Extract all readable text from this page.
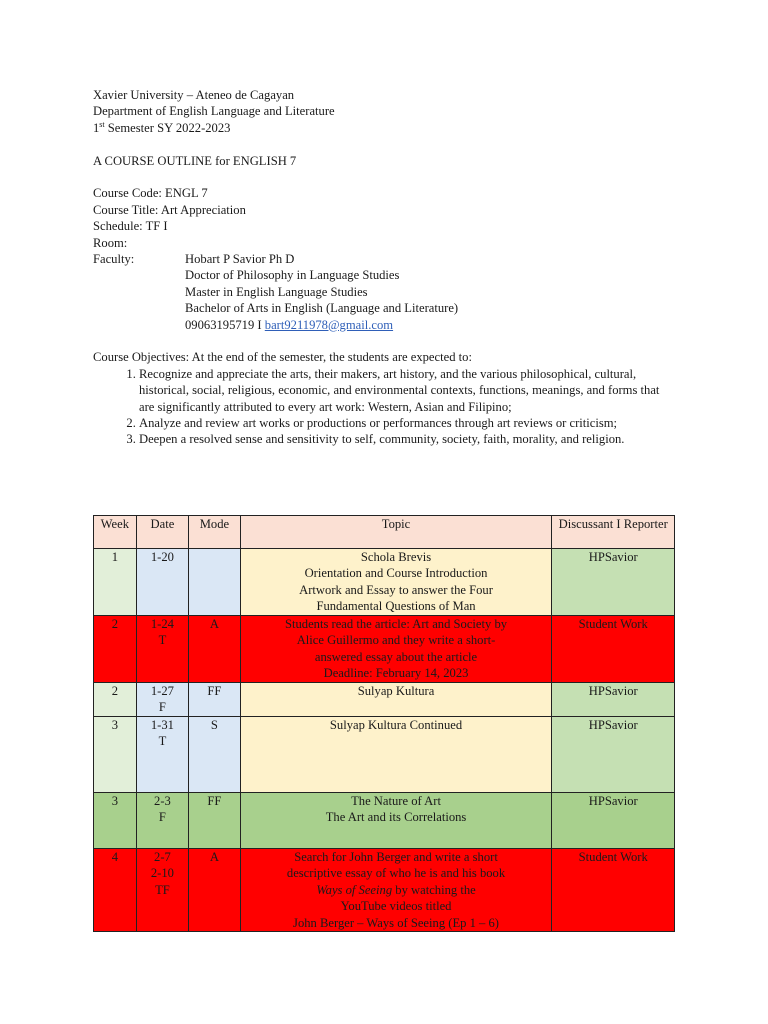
Xavier University – Ateneo de Cagayan
Department of English Language and Literature
1st Semester SY 2022-2023
A COURSE OUTLINE for ENGLISH 7
Course Code: ENGL 7
Course Title: Art Appreciation
Schedule: TF I
Room:
Faculty:	Hobart P Savior Ph D
Doctor of Philosophy in Language Studies
Master in English Language Studies
Bachelor of Arts in English (Language and Literature)
09063195719 I bart9211978@gmail.com
Course Objectives: At the end of the semester, the students are expected to:
1. Recognize and appreciate the arts, their makers, art history, and the various philosophical, cultural, historical, social, religious, economic, and environmental contexts, functions, meanings, and forms that are significantly attributed to every art work: Western, Asian and Filipino;
2. Analyze and review art works or productions or performances through art reviews or criticism;
3. Deepen a resolved sense and sensitivity to self, community, society, faith, morality, and religion.
Week	Date	Mode	Topic	Discussant I Reporter
1	1-20		Schola Brevis
Orientation and Course Introduction
Artwork and Essay to answer the Four
Fundamental Questions of Man	HPSavior
2	1-24
T	A	Students read the article: Art and Society by
Alice Guillermo and they write a short-
answered essay about the article
Deadline: February 14, 2023	Student Work
2	1-27
F	FF	Sulyap Kultura	HPSavior
3	1-31
T	S	Sulyap Kultura Continued	HPSavior
3	2-3
F	FF	The Nature of Art
The Art and its Correlations	HPSavior
4	2-7
2-10
TF	A	Search for John Berger and write a short
descriptive essay of who he is and his book
Ways of Seeing by watching the
YouTube videos titled
John Berger – Ways of Seeing (Ep 1 – 6)	Student Work
